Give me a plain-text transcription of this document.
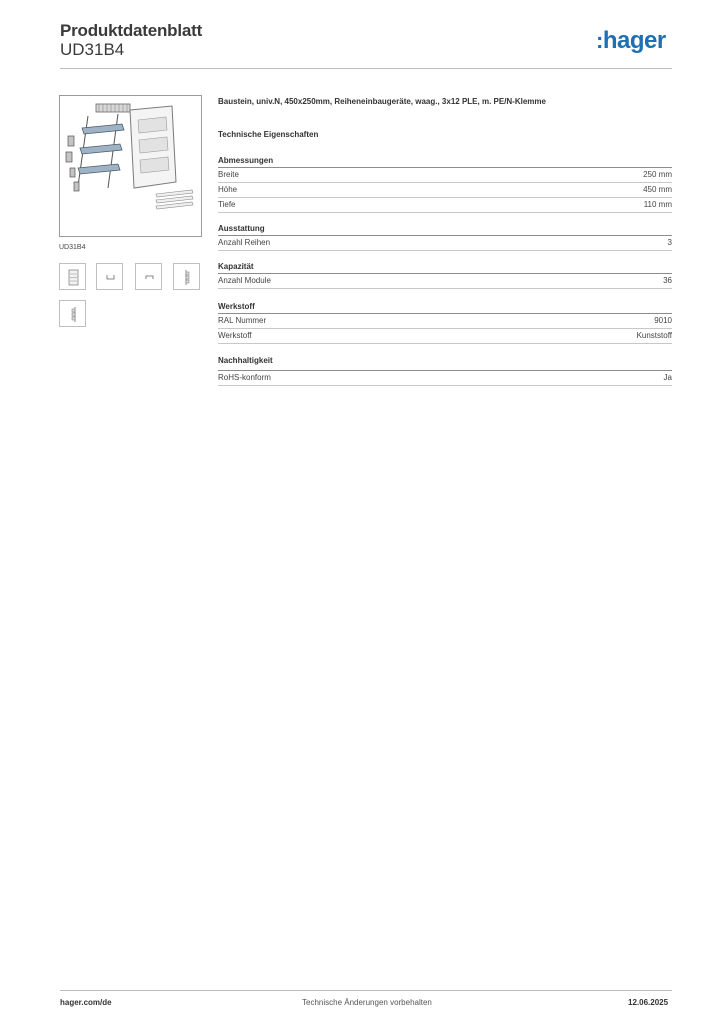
Produktdatenblatt
UD31B4	:hager
UD31B4
Baustein, univ.N, 450x250mm, Reiheneinbaugeräte, waag., 3x12 PLE, m. PE/N-Klemme
Technische Eigenschaften
Abmessungen
Breite	250 mm
Höhe	450 mm
Tiefe	110 mm
Ausstattung
Anzahl Reihen	3
Kapazität
Anzahl Module	36
Werkstoff
RAL Nummer	9010
Werkstoff	Kunststoff
Nachhaltigkeit
RoHS-konform	Ja
hager.com/de	Technische Änderungen vorbehalten	12.06.2025
